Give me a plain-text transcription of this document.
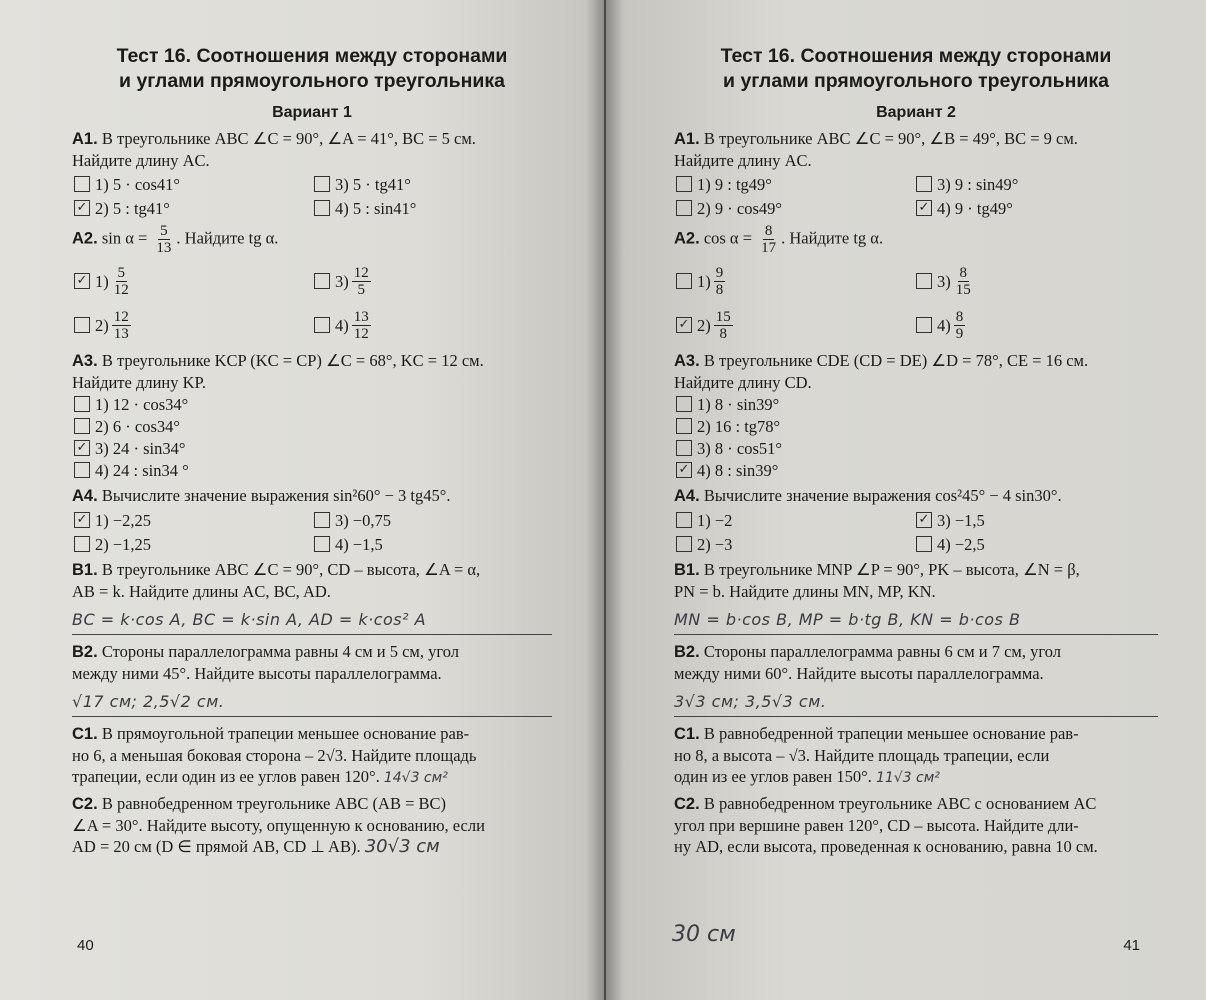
Тест 16. Соотношения между сторонами

и углами прямоугольного треугольника

Вариант 1
A1. В треугольнике ABC ∠C = 90°, ∠A = 41°, BC = 5 см.
Найдите длину AC.
1) 5 · cos41°	3) 5 · tg41°
✓ 2) 5 : tg41°	4) 5 : sin41°
A2. $\sin \alpha = \frac{5}{13}$ . Найдите tg α.
✓ $1) \frac{5}{12}$	$3) \frac{12}{5}$
$2) \frac{12}{13}$	$4) \frac{13}{12}$
A3. В треугольнике KCP (KC = CP) ∠C = 68°, KC = 12 см.
Найдите длину KP.
1) 12 · cos34°
2) 6 · cos34°
✓ 3) 24 · sin34°
4) 24 : sin34 °
A4. Вычислите значение выражения sin²60° − 3 tg45°.
✓ 1) −2,25	3) −0,75
2) −1,25	4) −1,5
B1. В треугольнике ABC ∠C = 90°, CD – высота, ∠A = α,
AB = k. Найдите длины AC, BC, AD.
BC = k·cos A, BC = k·sin A, AD = k·cos² A
B2. Стороны параллелограмма равны 4 см и 5 см, угол
между ними 45°. Найдите высоты параллелограмма.
√17 см; 2,5√2 см.
C1. В прямоугольной трапеции меньшее основание рав-
но 6, а меньшая боковая сторона – 2√3. Найдите площадь
трапеции, если один из ее углов равен 120°. 14√3 см²
C2. В равнобедренном треугольнике ABC (AB = BC)
∠A = 30°. Найдите высоту, опущенную к основанию, если
AD = 20 см (D ∈ прямой AB, CD ⊥ AB). 30√3 см
40

Тест 16. Соотношения между сторонами

и углами прямоугольного треугольника

Вариант 2
A1. В треугольнике ABC ∠C = 90°, ∠B = 49°, BC = 9 см.
Найдите длину AC.
1) 9 : tg49°	3) 9 : sin49°
2) 9 · cos49°	✓ 4) 9 · tg49°
A2. $\cos \alpha = \frac{8}{17}$ . Найдите tg α.
$1) \frac{9}{8}$	$3) \frac{8}{15}$
✓ $2) \frac{15}{8}$	$4) \frac{8}{9}$
A3. В треугольнике CDE (CD = DE) ∠D = 78°, CE = 16 см.
Найдите длину CD.
1) 8 · sin39°
2) 16 : tg78°
3) 8 · cos51°
✓ 4) 8 : sin39°
A4. Вычислите значение выражения cos²45° − 4 sin30°.
1) −2	✓ 3) −1,5
2) −3	4) −2,5
B1. В треугольнике MNP ∠P = 90°, PK – высота, ∠N = β,
PN = b. Найдите длины MN, MP, KN.
MN = b·cos B, MP = b·tg B, KN = b·cos B
B2. Стороны параллелограмма равны 6 см и 7 см, угол
между ними 60°. Найдите высоты параллелограмма.
3√3 см; 3,5√3 см.
C1. В равнобедренной трапеции меньшее основание рав-
но 8, а высота – √3. Найдите площадь трапеции, если
один из ее углов равен 150°. 11√3 см²
C2. В равнобедренном треугольнике ABC с основанием AC
угол при вершине равен 120°, CD – высота. Найдите дли-
ну AD, если высота, проведенная к основанию, равна 10 см.
30 см	41
